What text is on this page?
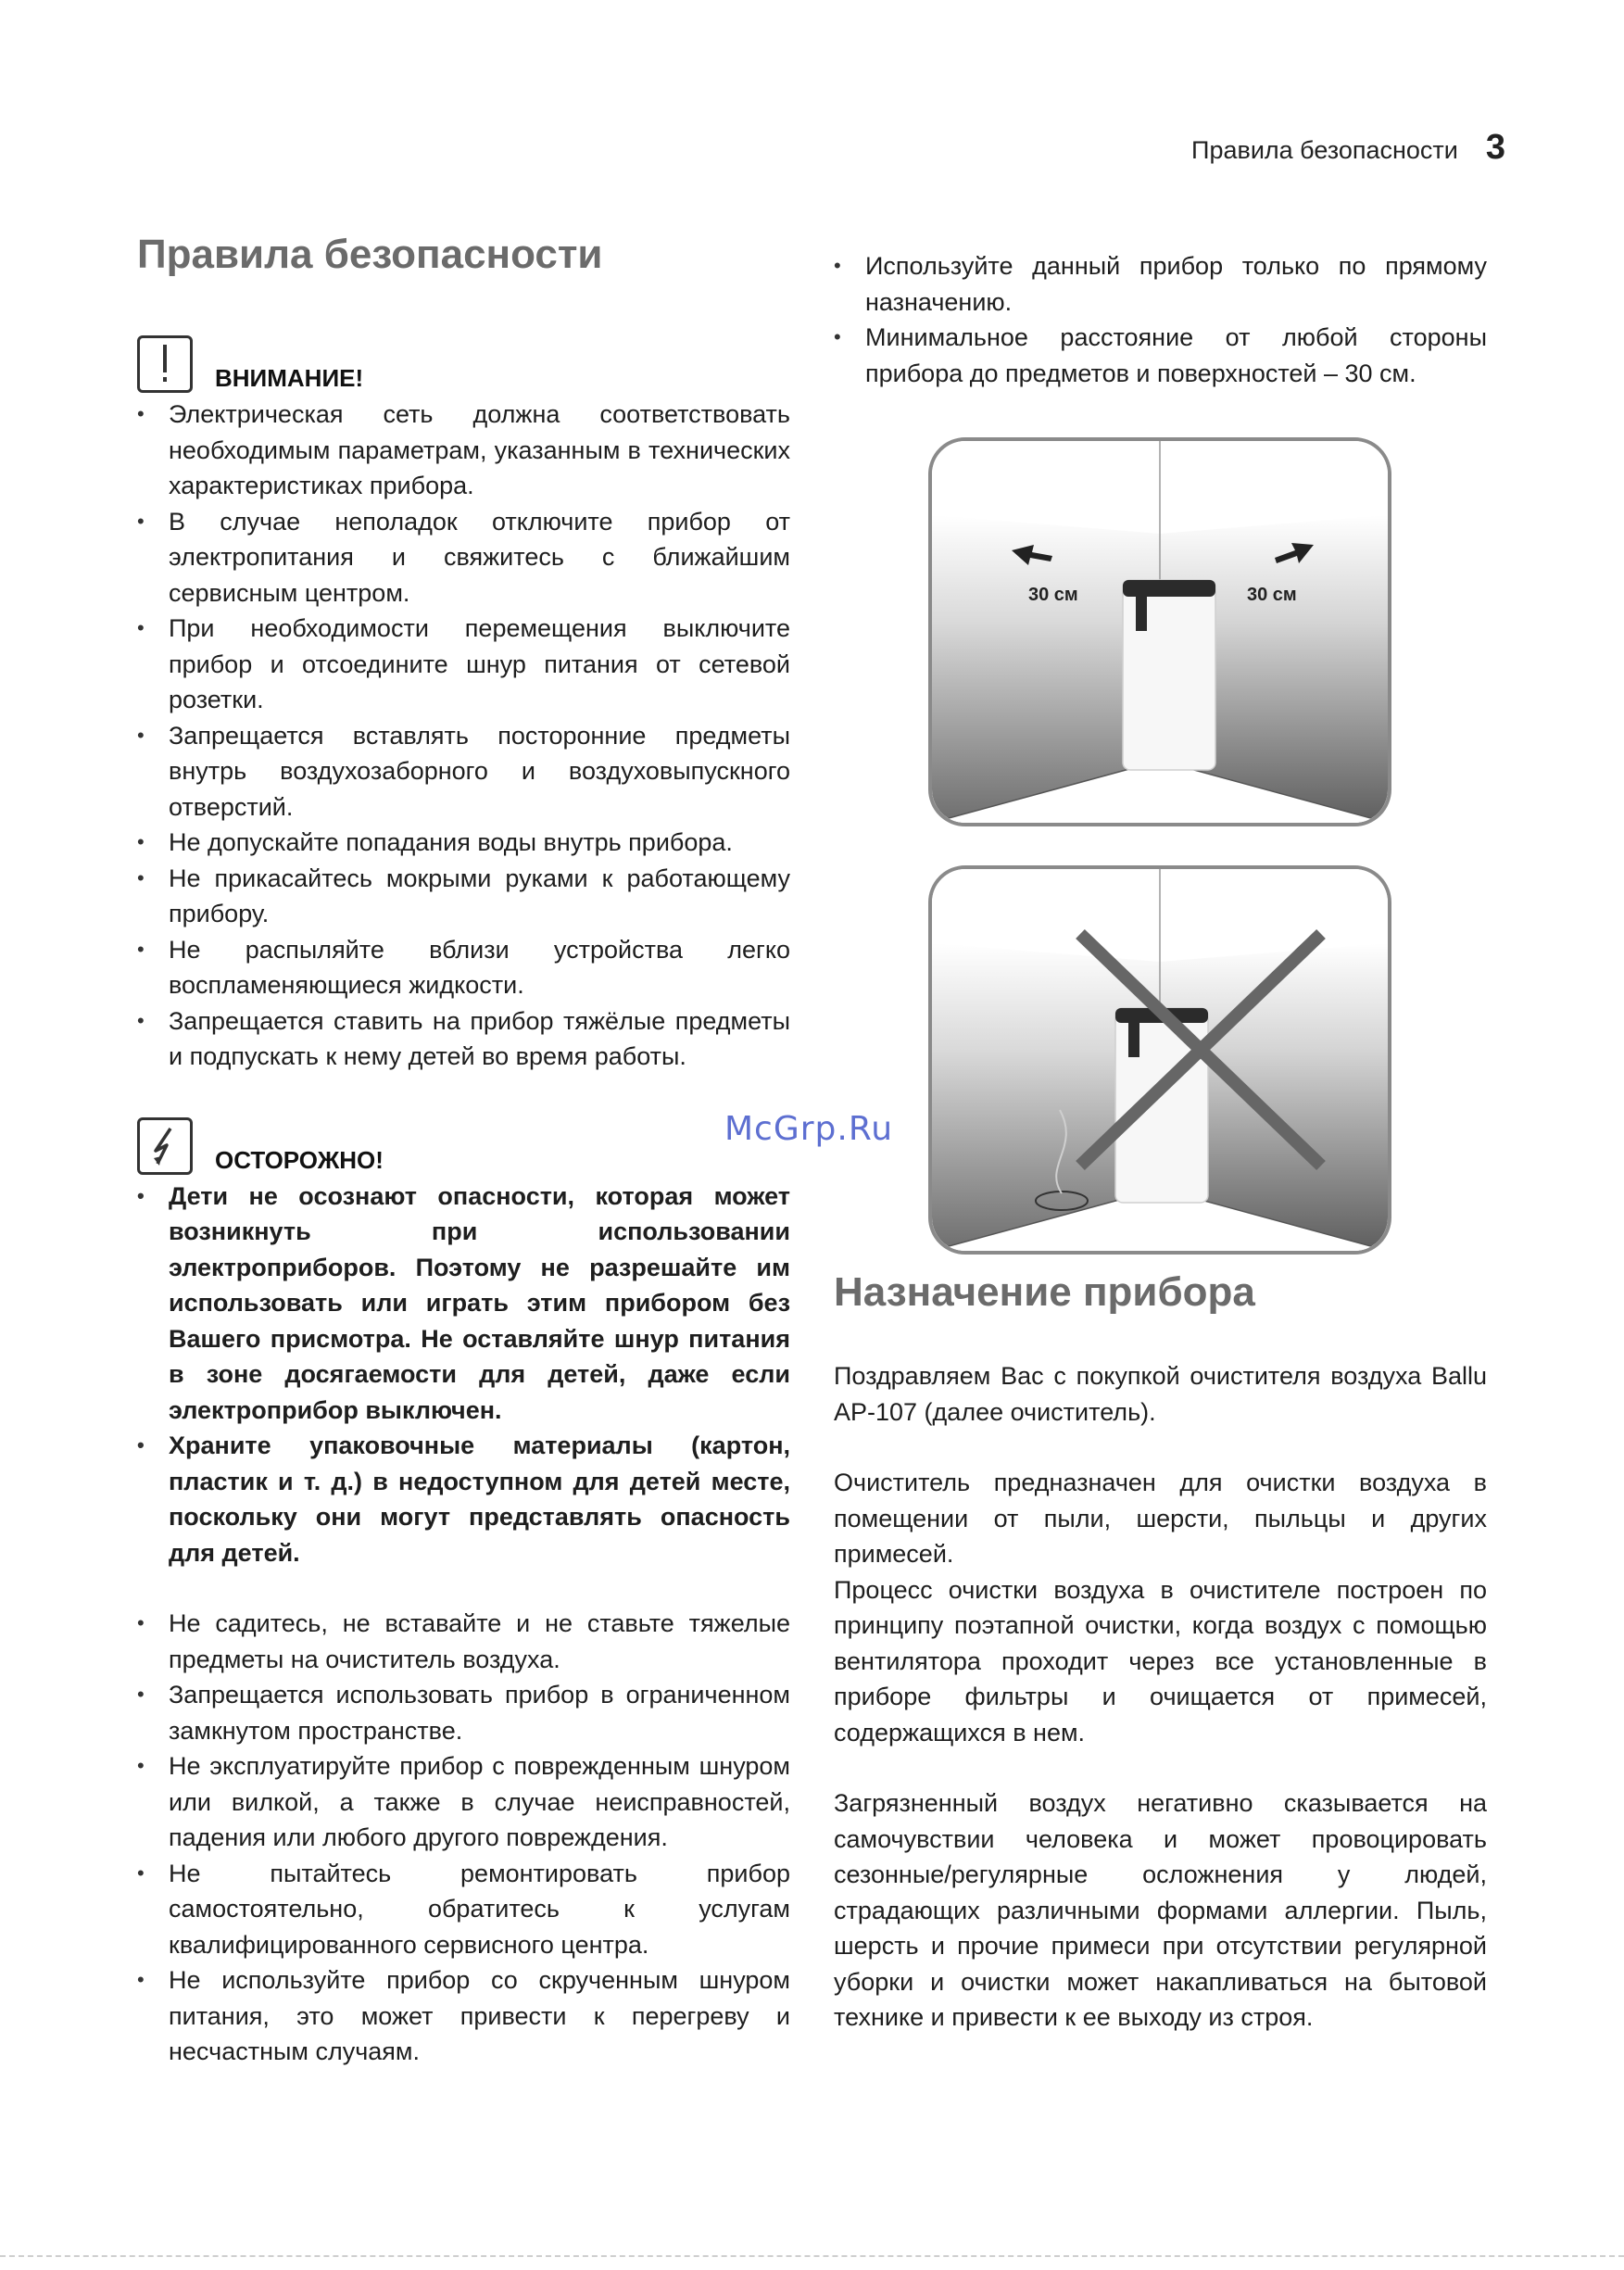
Правила безопасности 3
Правила безопасности
ВНИМАНИЕ!
• Электрическая сеть должна соответствовать необходимым параметрам, указанным в технических характеристиках прибора.
• В случае неполадок отключите прибор от электропитания и свяжитесь с ближайшим сервисным центром.
• При необходимости перемещения выключите прибор и отсоедините шнур питания от сетевой розетки.
• Запрещается вставлять посторонние предметы внутрь воздухозаборного и воздуховыпускного отверстий.
• Не допускайте попадания воды внутрь прибора.
• Не прикасайтесь мокрыми руками к работающему прибору.
• Не распыляйте вблизи устройства легко воспламеняющиеся жидкости.
• Запрещается ставить на прибор тяжёлые предметы и подпускать к нему детей во время работы.
ОСТОРОЖНО!
• Дети не осознают опасности, которая может возникнуть при использовании электроприборов. Поэтому не разрешайте им использовать или играть этим прибором без Вашего присмотра. Не оставляйте шнур питания в зоне досягаемости для детей, даже если электроприбор выключен.
• Храните упаковочные материалы (картон, пластик и т. д.) в недоступном для детей месте, поскольку они могут представлять опасность для детей.
• Не садитесь, не вставайте и не ставьте тяжелые предметы на очиститель воздуха.
• Запрещается использовать прибор в ограниченном замкнутом пространстве.
• Не эксплуатируйте прибор с поврежденным шнуром или вилкой, а также в случае неисправностей, падения или любого другого повреждения.
• Не пытайтесь ремонтировать прибор самостоятельно, обратитесь к услугам квалифицированного сервисного центра.
• Не используйте прибор со скрученным шнуром питания, это может привести к перегреву и несчастным случаям.
• Используйте данный прибор только по прямому назначению.
• Минимальное расстояние от любой стороны прибора до предметов и поверхностей – 30 см.
30 см	30 см
Назначение прибора

Поздравляем Вас с покупкой очистителя воздуха Ballu AP-107 (далее очиститель).

Очиститель предназначен для очистки воздуха в помещении от пыли, шерсти, пыльцы и других примесей.

Процесс очистки воздуха в очистителе построен по принципу поэтапной очистки, когда воздух с помощью вентилятора проходит через все установленные в приборе фильтры и очищается от примесей, содержащихся в нем.

Загрязненный воздух негативно сказывается на самочувствии человека и может провоцировать сезонные/регулярные осложнения у людей, страдающих различными формами аллергии. Пыль, шерсть и прочие примеси при отсутствии регулярной уборки и очистки может накапливаться на бытовой технике и привести к ее выходу из строя.

McGrp.Ru
